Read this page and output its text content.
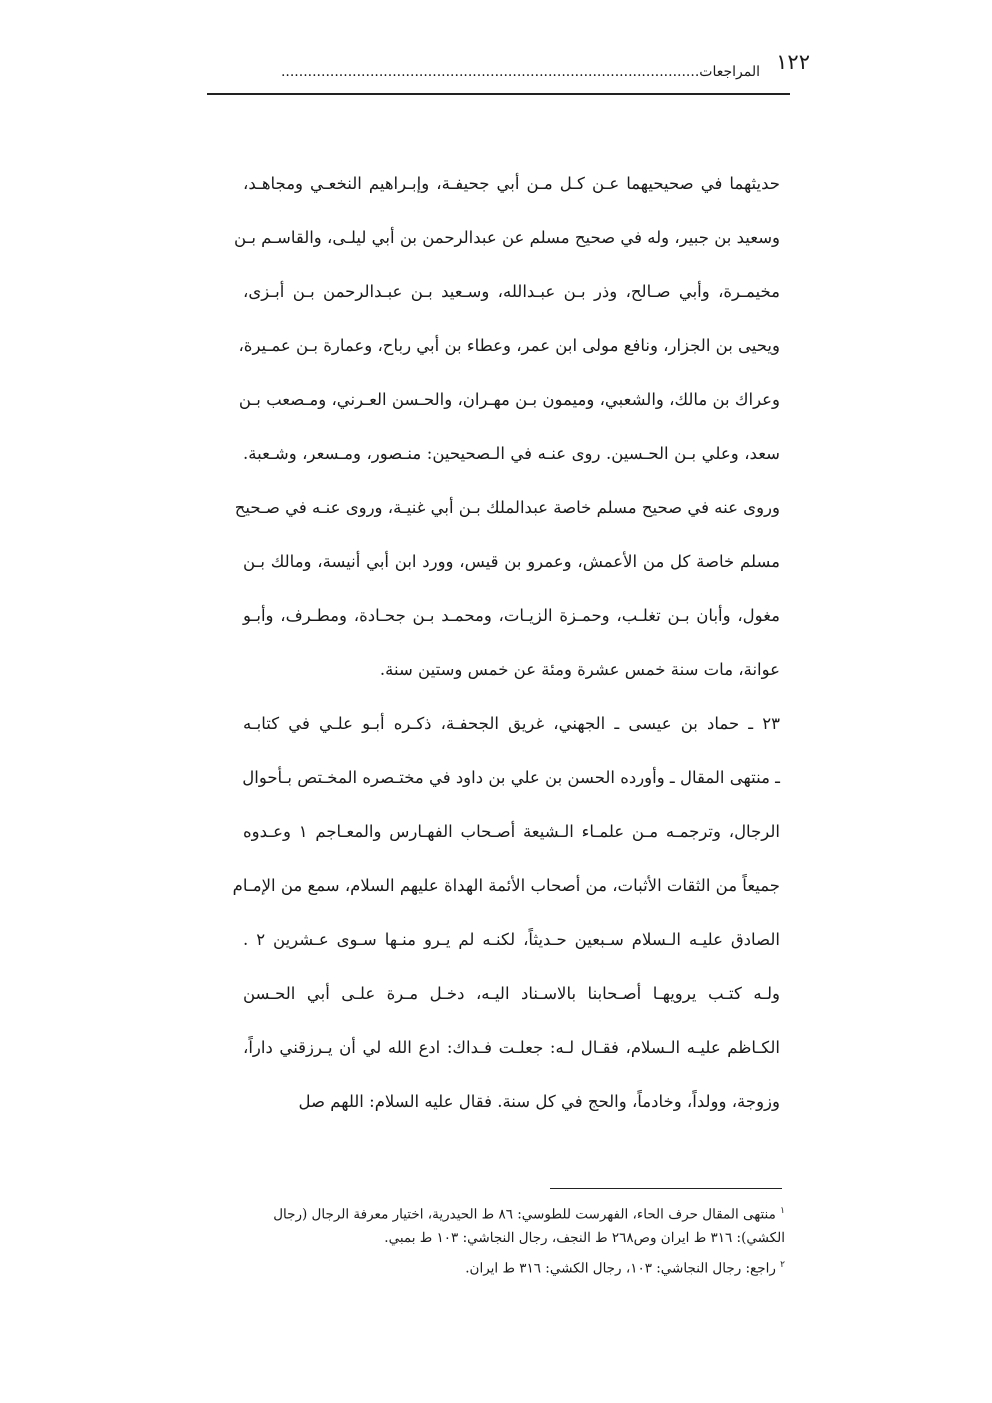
١٢٢
المراجعات..............................................................................................
حديثهما في صحيحيهما عـن كـل مـن أبي جحيفـة، وإبـراهيم النخعـي ومجاهـد،
وسعيد بن جبير، وله في صحيح مسلم عن عبدالرحمن بن أبي ليلـى، والقاسـم بـن
مخيمـرة، وأبي صـالح، وذر بـن عبـدالله، وسـعيد بـن عبـدالرحمن بـن أبـزى،
ويحيى بن الجزار، ونافع مولى ابن عمر، وعطاء بن أبي رباح، وعمارة بـن عمـيرة،
وعراك بن مالك، والشعبي، وميمون بـن مهـران، والحـسن العـرني، ومـصعب بـن
سعد، وعلي بـن الحـسين. روى عنـه في الـصحيحين: منـصور، ومـسعر، وشـعبة.
وروى عنه في صحيح مسلم خاصة عبدالملك بـن أبي غنيـة، وروى عنـه في صـحيح
مسلم خاصة كل من الأعمش، وعمرو بن قيس، وورد ابن أبي أنيسة، ومالك بـن
مغول، وأبان بـن تغلـب، وحمـزة الزيـات، ومحمـد بـن جحـادة، ومطـرف، وأبـو
عوانة، مات سنة خمس عشرة ومئة عن خمس وستين سنة.
٢٣ ـ حماد بن عيسى ـ الجهني، غريق الجحفـة، ذكـره أبـو علـي في كتابـه
ـ منتهى المقال ـ وأورده الحسن بن علي بن داود في مختـصره المخـتص بـأحوال
الرجال، وترجمـه مـن علمـاء الـشيعة أصـحاب الفهـارس والمعـاجم ١ وعـدوه
جميعاً من الثقات الأثبات، من أصحاب الأئمة الهداة عليهم السلام، سمع من الإمـام
الصادق عليـه الـسلام سـبعين حـديثاً، لكنـه لم يـرو منـها سـوى عـشرين ٢ .
ولـه كتـب يرويهـا أصـحابنا بالاسـناد اليـه، دخـل مـرة علـى أبي الحـسن
الكـاظم عليـه الـسلام، فقـال لـه: جعلـت فـداك: ادع الله لي أن يـرزقني داراً،
وزوجة، وولداً، وخادماً، والحج في كل سنة. فقال عليه السلام: اللهم صل
$^١$ منتهى المقال حرف الحاء، الفهرست للطوسي: ٨٦ ط الحيدرية، اختيار معرفة الرجال (رجال
الكشي): ٣١٦ ط ايران وص٢٦٨ ط النجف، رجال النجاشي: ١٠٣ ط بمبي.
$^٢$ راجع: رجال النجاشي: ١٠٣، رجال الكشي: ٣١٦ ط ايران.
